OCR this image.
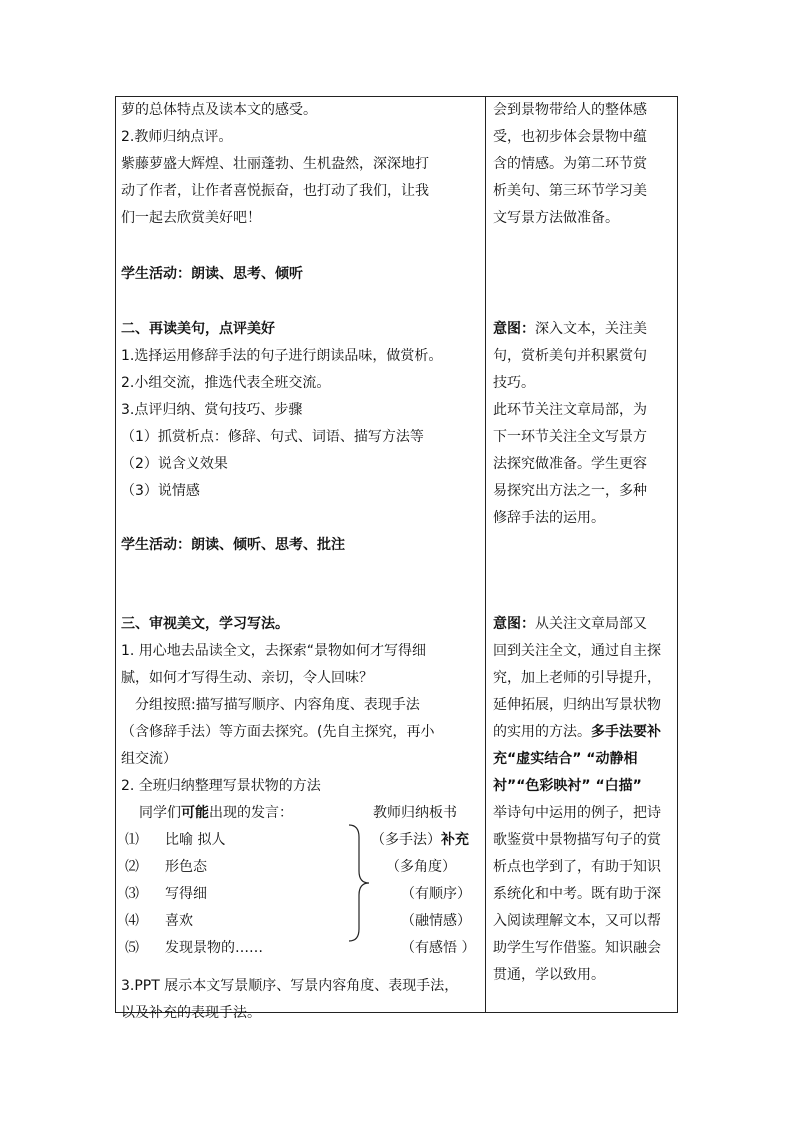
萝的总体特点及读本文的感受。
2.教师归纳点评。
紫藤萝盛大辉煌、壮丽蓬勃、生机盎然，深深地打
动了作者，让作者喜悦振奋，也打动了我们，让我
们一起去欣赏美好吧！
学生活动：朗读、思考、倾听
二、再读美句，点评美好
1.选择运用修辞手法的句子进行朗读品味，做赏析。
2.小组交流，推选代表全班交流。
3.点评归纳、赏句技巧、步骤
（1）抓赏析点：修辞、句式、词语、描写方法等
（2）说含义效果
（3）说情感
学生活动：朗读、倾听、思考、批注
三、审视美文，学习写法。
1. 用心地去品读全文，去探索“景物如何才写得细
腻，如何才写得生动、亲切，令人回味？
　分组按照:描写描写顺序、内容角度、表现手法
（含修辞手法）等方面去探究。(先自主探究，再小
组交流）
2. 全班归纳整理写景状物的方法
同学们可能出现的发言：	教师归纳板书
⑴ 比喻 拟人	（多手法）补充
⑵ 形色态	（多角度）
⑶ 写得细	（有顺序）
⑷ 喜欢	（融情感）
⑸ 发现景物的……	（有感悟 ）
3.PPT 展示本文写景顺序、写景内容角度、表现手法，
以及补充的表现手法。
会到景物带给人的整体感
受，也初步体会景物中蕴
含的情感。为第二环节赏
析美句、第三环节学习美
文写景方法做准备。
意图：深入文本，关注美
句，赏析美句并积累赏句
技巧。
此环节关注文章局部，为
下一环节关注全文写景方
法探究做准备。学生更容
易探究出方法之一，多种
修辞手法的运用。
意图：从关注文章局部又
回到关注全文，通过自主探
究，加上老师的引导提升，
延伸拓展，归纳出写景状物
的实用的方法。多手法要补
充“虚实结合” “动静相
衬”“色彩映衬” “白描”
举诗句中运用的例子，把诗
歌鉴赏中景物描写句子的赏
析点也学到了，有助于知识
系统化和中考。既有助于深
入阅读理解文本，又可以帮
助学生写作借鉴。知识融会
贯通，学以致用。
